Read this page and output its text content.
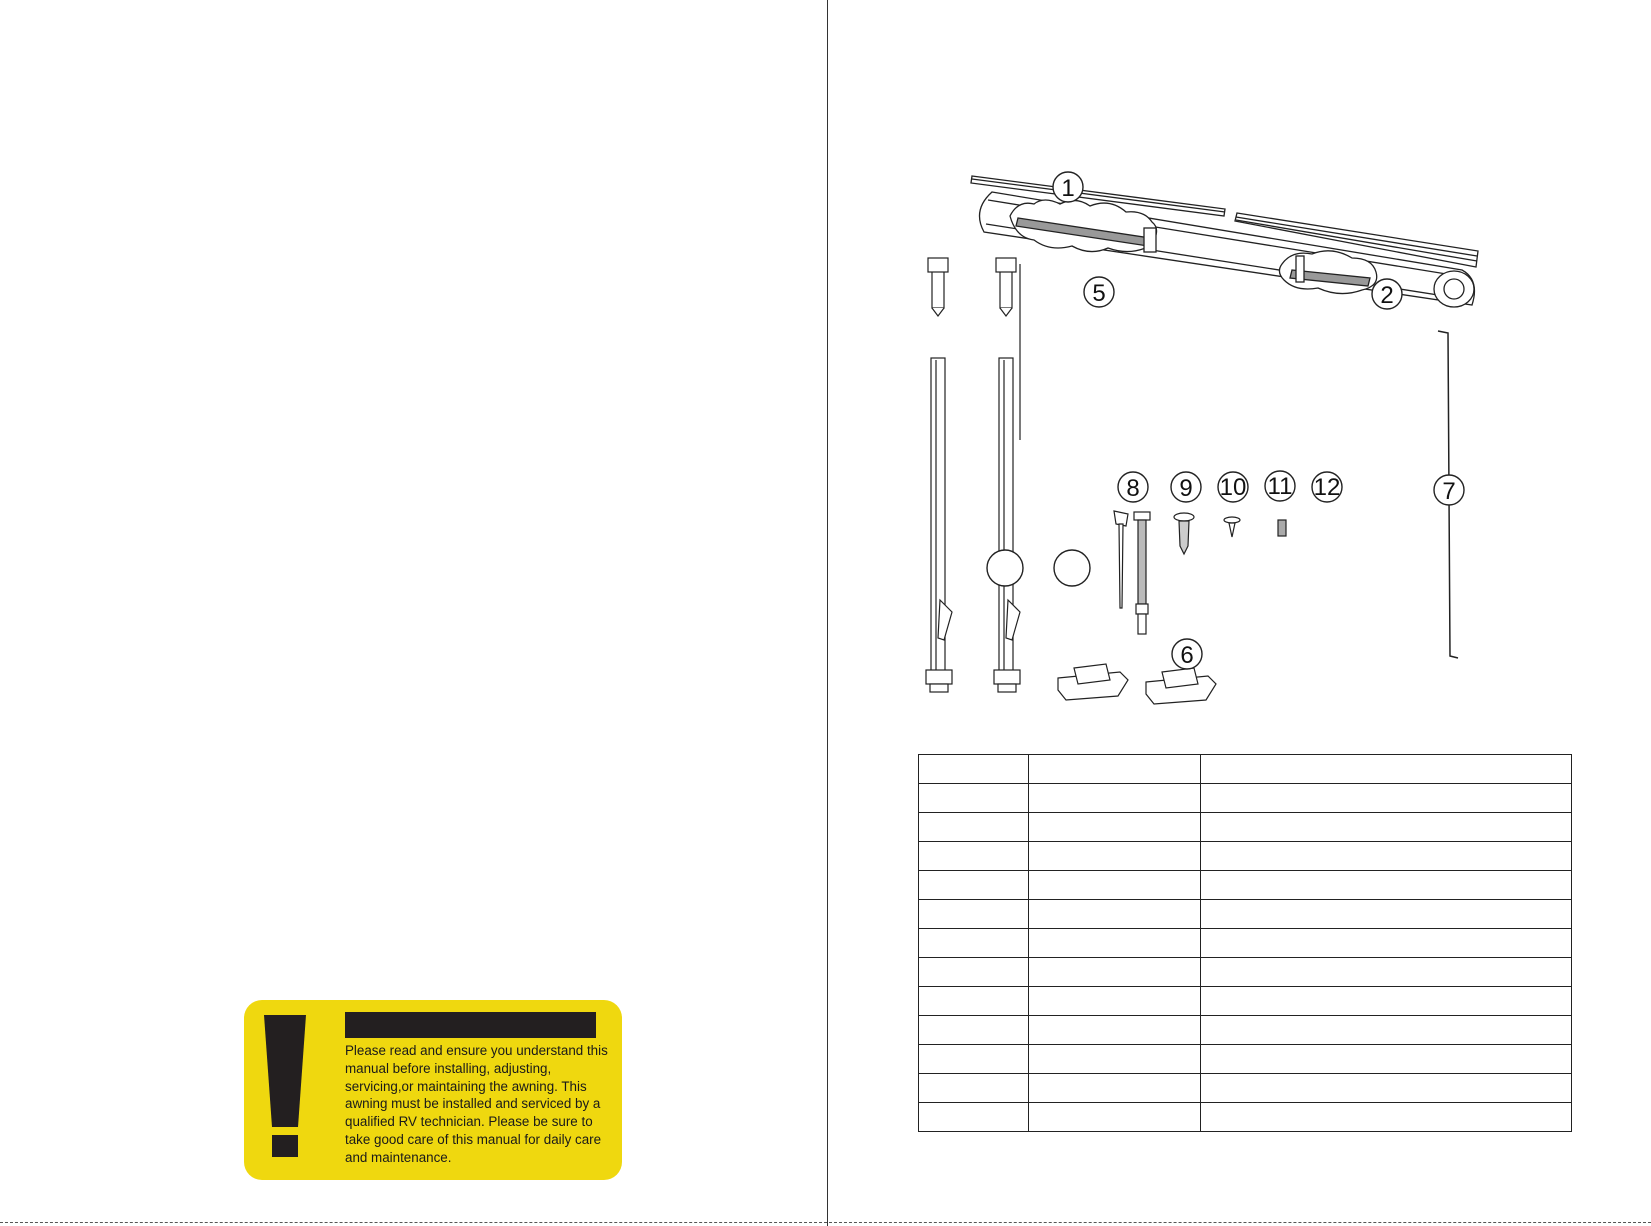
Please read and ensure you understand this manual before installing, adjusting, servicing,or maintaining the awning. This awning must be installed and serviced by a qualified RV technician. Please be sure to take good care of this manual for daily care and maintenance.
1
2
5
6
7
8 9 10 11 12
